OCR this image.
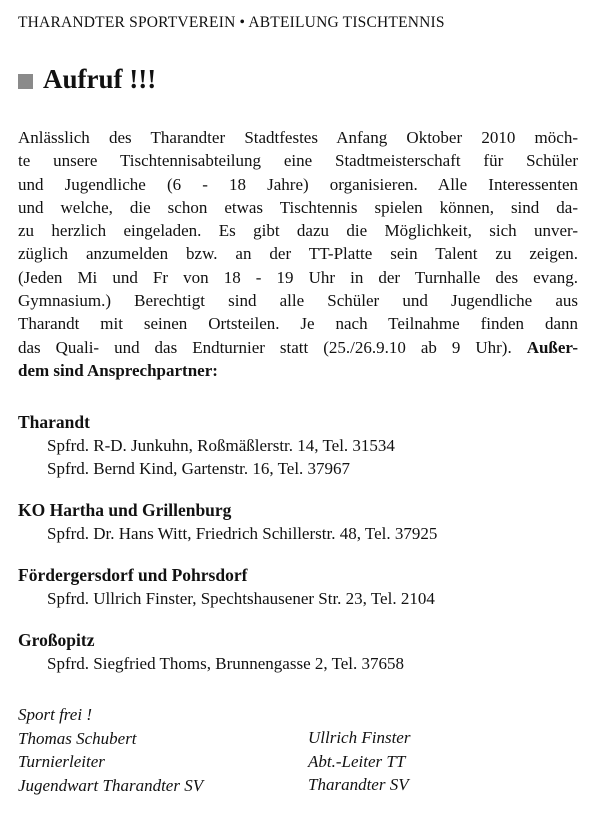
THARANDTER SPORTVEREIN • ABTEILUNG TISCHTENNIS
Aufruf !!!
Anlässlich des Tharandter Stadtfestes Anfang Oktober 2010 möch-
te unsere Tischtennisabteilung eine Stadtmeisterschaft für Schüler
und Jugendliche (6 - 18 Jahre) organisieren. Alle Interessenten
und welche, die schon etwas Tischtennis spielen können, sind da-
zu herzlich eingeladen. Es gibt dazu die Möglichkeit, sich unver-
züglich anzumelden bzw. an der TT-Platte sein Talent zu zeigen.
(Jeden Mi und Fr von 18 - 19 Uhr in der Turnhalle des evang.
Gymnasium.) Berechtigt sind alle Schüler und Jugendliche aus
Tharandt mit seinen Ortsteilen. Je nach Teilnahme finden dann
das Quali- und das Endturnier statt (25./26.9.10 ab 9 Uhr). Außer-
dem sind Ansprechpartner:
Tharandt
Spfrd. R-D. Junkuhn, Roßmäßlerstr. 14, Tel. 31534
Spfrd. Bernd Kind, Gartenstr. 16, Tel. 37967
KO Hartha und Grillenburg
Spfrd. Dr. Hans Witt, Friedrich Schillerstr. 48, Tel. 37925
Fördergersdorf und Pohrsdorf
Spfrd. Ullrich Finster, Spechtshausener Str. 23, Tel. 2104
Großopitz
Spfrd. Siegfried Thoms, Brunnengasse 2, Tel. 37658
Sport frei !
Thomas Schubert
Turnierleiter
Jugendwart Tharandter SV
Ullrich Finster
Abt.-Leiter TT
Tharandter SV
